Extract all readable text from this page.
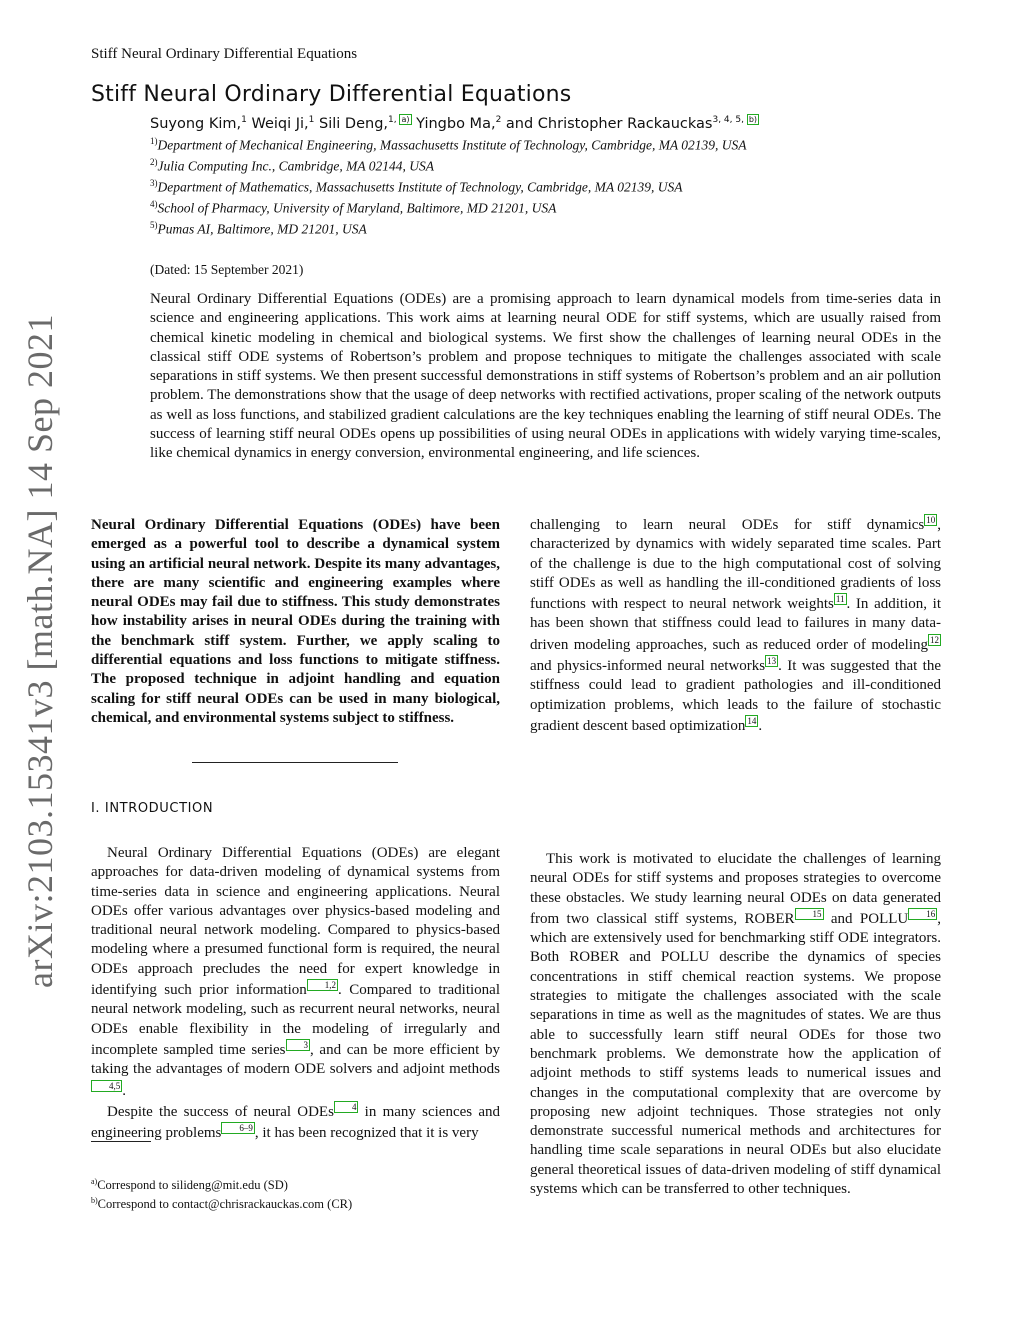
arXiv:2103.15341v3 [math.NA] 14 Sep 2021
Stiff Neural Ordinary Differential Equations
Stiff Neural Ordinary Differential Equations
Suyong Kim,$^1$ Weiqi Ji,$^1$ Sili Deng,$^{1,}$ a) Yingbo Ma,$^2$ and Christopher Rackauckas$^{3, 4, 5,}$ b)
$^{1)}$Department of Mechanical Engineering, Massachusetts Institute of Technology, Cambridge, MA 02139, USA
$^{2)}$Julia Computing Inc., Cambridge, MA 02144, USA
$^{3)}$Department of Mathematics, Massachusetts Institute of Technology, Cambridge, MA 02139, USA
$^{4)}$School of Pharmacy, University of Maryland, Baltimore, MD 21201, USA
$^{5)}$Pumas AI, Baltimore, MD 21201, USA
(Dated: 15 September 2021)
Neural Ordinary Differential Equations (ODEs) are a promising approach to learn dynamical models from time-series data in science and engineering applications. This work aims at learning neural ODE for stiff systems, which are usually raised from chemical kinetic modeling in chemical and biological systems. We first show the challenges of learning neural ODEs in the classical stiff ODE systems of Robertson’s problem and propose techniques to mitigate the challenges associated with scale separations in stiff systems. We then present successful demonstrations in stiff systems of Robertson’s problem and an air pollution problem. The demonstrations show that the usage of deep networks with rectified activations, proper scaling of the network outputs as well as loss functions, and stabilized gradient calculations are the key techniques enabling the learning of stiff neural ODEs. The success of learning stiff neural ODEs opens up possibilities of using neural ODEs in applications with widely varying time-scales, like chemical dynamics in energy conversion, environmental engineering, and life sciences.
Neural Ordinary Differential Equations (ODEs) have been emerged as a powerful tool to describe a dynamical system using an artificial neural network. Despite its many advantages, there are many scientific and engineering examples where neural ODEs may fail due to stiffness. This study demonstrates how instability arises in neural ODEs during the training with the benchmark stiff system. Further, we apply scaling to differential equations and loss functions to mitigate stiffness. The proposed technique in adjoint handling and equation scaling for stiff neural ODEs can be used in many biological, chemical, and environmental systems subject to stiffness.
challenging to learn neural ODEs for stiff dynamics 10 , characterized by dynamics with widely separated time scales. Part of the challenge is due to the high computational cost of solving stiff ODEs as well as handling the ill-conditioned gradients of loss functions with respect to neural network weights 11 . In addition, it has been shown that stiffness could lead to failures in many data-driven modeling approaches, such as reduced order of modeling 12 and physics-informed neural networks 13 . It was suggested that the stiffness could lead to gradient pathologies and ill-conditioned optimization problems, which leads to the failure of stochastic gradient descent based optimization 14 .
I. INTRODUCTION

Neural Ordinary Differential Equations (ODEs) are elegant approaches for data-driven modeling of dynamical systems from time-series data in science and engineering applications. Neural ODEs offer various advantages over physics-based modeling and traditional neural network modeling. Compared to physics-based modeling where a presumed functional form is required, the neural ODEs approach precludes the need for expert knowledge in identifying such prior information 1,2 . Compared to traditional neural network modeling, such as recurrent neural networks, neural ODEs enable flexibility in the modeling of irregularly and incomplete sampled time series 3 , and can be more efficient by taking the advantages of modern ODE solvers and adjoint methods4,5 .

Despite the success of neural ODEs 4 in many sciences and engineering problems 6–9 , it has been recognized that it is very

This work is motivated to elucidate the challenges of learning neural ODEs for stiff systems and proposes strategies to overcome these obstacles. We study learning neural ODEs on data generated from two classical stiff systems, ROBER 15 and POLLU 16 , which are extensively used for benchmarking stiff ODE integrators. Both ROBER and POLLU describe the dynamics of species concentrations in stiff chemical reaction systems. We propose strategies to mitigate the challenges associated with the scale separations in time as well as the magnitudes of states. We are thus able to successfully learn stiff neural ODEs for those two benchmark problems. We demonstrate how the application of adjoint methods to stiff systems leads to numerical issues and changes in the computational complexity that are overcome by proposing new adjoint techniques. Those strategies not only demonstrate successful numerical methods and architectures for handling time scale separations in neural ODEs but also elucidate general theoretical issues of data-driven modeling of stiff dynamical systems which can be transferred to other techniques.

$^{a)}$Correspond to silideng@mit.edu (SD)
$^{b)}$Correspond to contact@chrisrackauckas.com (CR)
